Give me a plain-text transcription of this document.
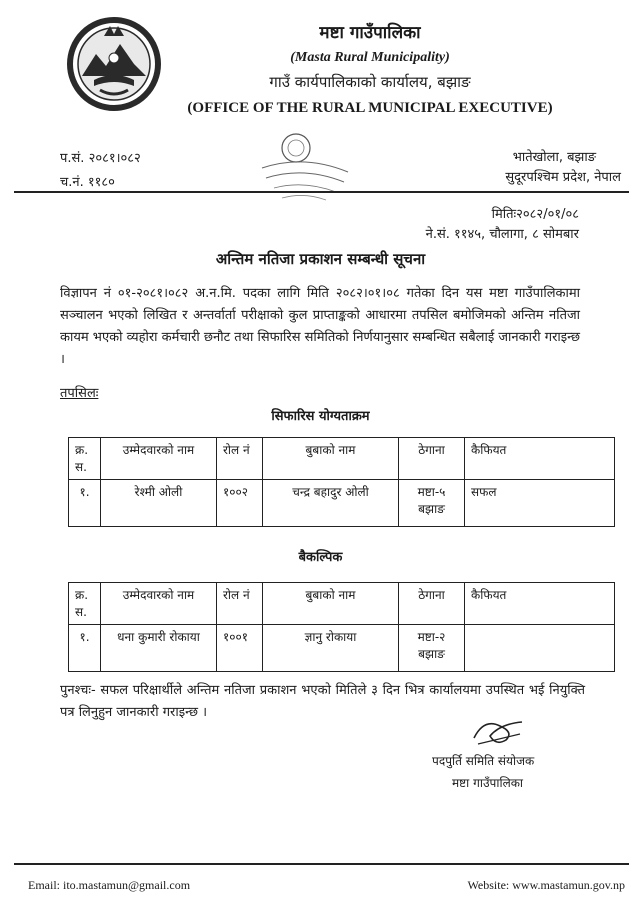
मष्टा गाउँपालिका
(Masta Rural Municipality)
गाउँ कार्यपालिकाको कार्यालय, बझाङ
(OFFICE OF THE RURAL MUNICIPAL EXECUTIVE)
प.सं. २०८१।०८२
च.नं. ११८०
भातेखोला, बझाङ
सुदूरपश्चिम प्रदेश, नेपाल
मितिः२०८२/०१/०८
ने.सं. ११४५, चौलागा, ८ सोमबार
अन्तिम नतिजा प्रकाशन सम्बन्धी सूचना
विज्ञापन नं ०१-२०८१।०८२ अ.न.मि. पदका लागि मिति २०८२।०१।०८ गतेका दिन यस मष्टा गाउँपालिकामा सञ्चालन भएको लिखित र अन्तर्वार्ता परीक्षाको कुल प्राप्ताङ्कको आधारमा तपसिल बमोजिमको अन्तिम नतिजा कायम भएको व्यहोरा कर्मचारी छनौट तथा सिफारिस समितिको निर्णयानुसार सम्बन्धित सबैलाई जानकारी गराइन्छ ।
तपसिलः
सिफारिस योग्यताक्रम
क्र. स.	उम्मेदवारको नाम	रोल नं	बुबाको नाम	ठेगाना	कैफियत
१.	रेश्मी ओली	१००२	चन्द्र बहादुर ओली	मष्टा-५ बझाङ	सफल
बैकल्पिक
क्र. स.	उम्मेदवारको नाम	रोल नं	बुबाको नाम	ठेगाना	कैफियत
१.	धना कुमारी रोकाया	१००१	ज्ञानु रोकाया	मष्टा-२ बझाङ	
पुनश्चः- सफल परिक्षार्थीले अन्तिम नतिजा प्रकाशन भएको मितिले ३ दिन भित्र कार्यालयमा उपस्थित भई नियुक्ति पत्र लिनुहुन जानकारी गराइन्छ ।
पदपुर्ति समिति संयोजक
मष्टा गाउँपालिका
Email: ito.mastamun@gmail.com	Website: www.mastamun.gov.np
